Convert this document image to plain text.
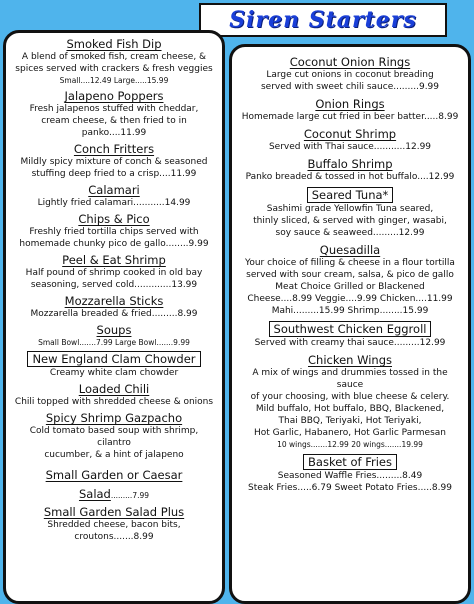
Siren Starters
Smoked Fish Dip
A blend of smoked fish, cream cheese, &
spices served with crackers & fresh veggies
Small....12.49 Large.....15.99
Jalapeno Poppers
Fresh jalapenos stuffed with cheddar,
cream cheese, & then fried to in panko....11.99
Conch Fritters
Mildly spicy mixture of conch & seasoned
stuffing deep fried to a crisp....11.99
Calamari
Lightly fried calamari...........14.99
Chips & Pico
Freshly fried tortilla chips served with
homemade chunky pico de gallo........9.99
Peel & Eat Shrimp
Half pound of shrimp cooked in old bay
seasoning, served cold.............13.99
Mozzarella Sticks
Mozzarella breaded & fried.........8.99
Soups
Small Bowl.......7.99 Large Bowl.......9.99
New England Clam Chowder
Creamy white clam chowder
Loaded Chili
Chili topped with shredded cheese & onions
Spicy Shrimp Gazpacho
Cold tomato based soup with shrimp, cilantro
cucumber, & a hint of jalapeno
Small Garden or Caesar Salad.........7.99
Small Garden Salad Plus
Shredded cheese, bacon bits, croutons.......8.99
Coconut Onion Rings
Large cut onions in coconut breading
served with sweet chili sauce.........9.99
Onion Rings
Homemade large cut fried in beer batter.....8.99
Coconut Shrimp
Served with Thai sauce...........12.99
Buffalo Shrimp
Panko breaded & tossed in hot buffalo....12.99
Seared Tuna*
Sashimi grade Yellowfin Tuna seared,
thinly sliced, & served with ginger, wasabi,
soy sauce & seaweed.........12.99
Quesadilla
Your choice of filling & cheese in a flour tortilla
served with sour cream, salsa, & pico de gallo
Meat Choice Grilled or Blackened
Cheese....8.99 Veggie....9.99 Chicken....11.99
Mahi.........15.99 Shrimp........15.99
Southwest Chicken Eggroll
Served with creamy thai sauce.........12.99
Chicken Wings
A mix of wings and drummies tossed in the sauce
of your choosing, with blue cheese & celery.
Mild buffalo, Hot buffalo, BBQ, Blackened,
Thai BBQ, Teriyaki, Hot Teriyaki,
Hot Garlic, Habanero, Hot Garlic Parmesan
10 wings.......12.99 20 wings.......19.99
Basket of Fries
Seasoned Waffle Fries.........8.49
Steak Fries.....6.79 Sweet Potato Fries.....8.99
